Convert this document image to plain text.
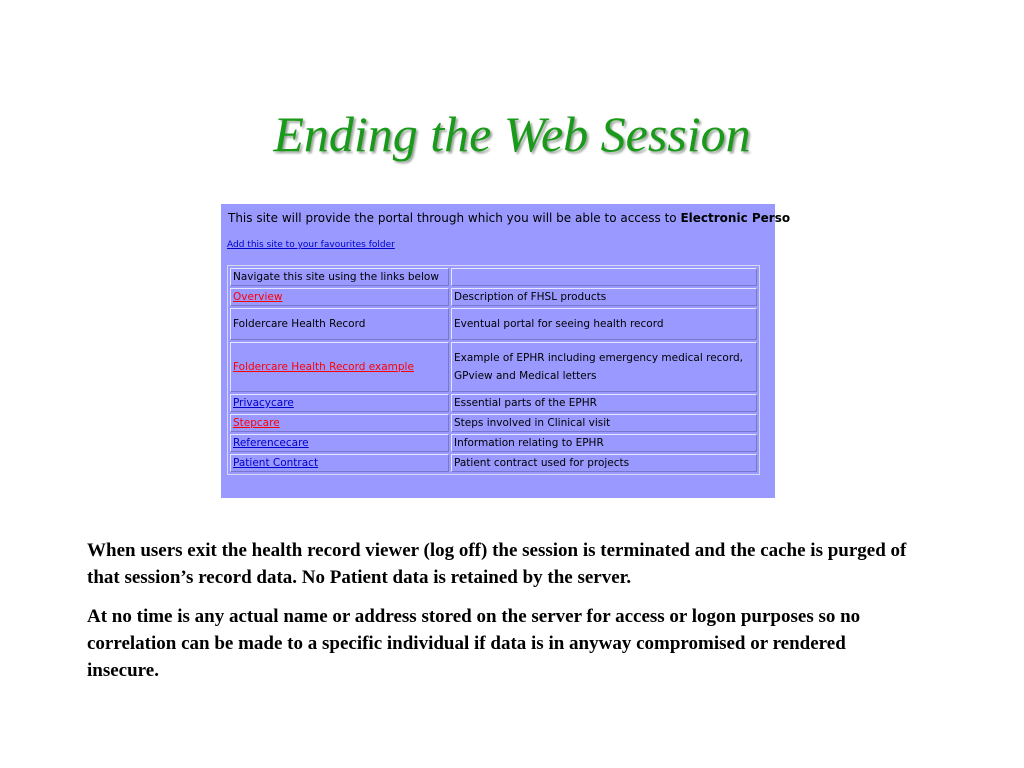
Ending the Web Session
This site will provide the portal through which you will be able to access to Electronic Perso
Add this site to your favourites folder
Navigate this site using the links below	

Overview	Description of FHSL products

Foldercare Health Record	Eventual portal for seeing health record

Foldercare Health Record example	Example of EPHR including emergency medical record,
GPview and Medical letters

Privacycare	Essential parts of the EPHR

Stepcare	Steps involved in Clinical visit

Referencecare	Information relating to EPHR

Patient Contract	Patient contract used for projects

When users exit the health record viewer (log off) the session is terminated and the cache is purged of that session’s record data. No Patient data is retained by the server.

At no time is any actual name or address stored on the server for access or logon purposes so no correlation can be made to a specific individual if data is in anyway compromised or rendered insecure.
